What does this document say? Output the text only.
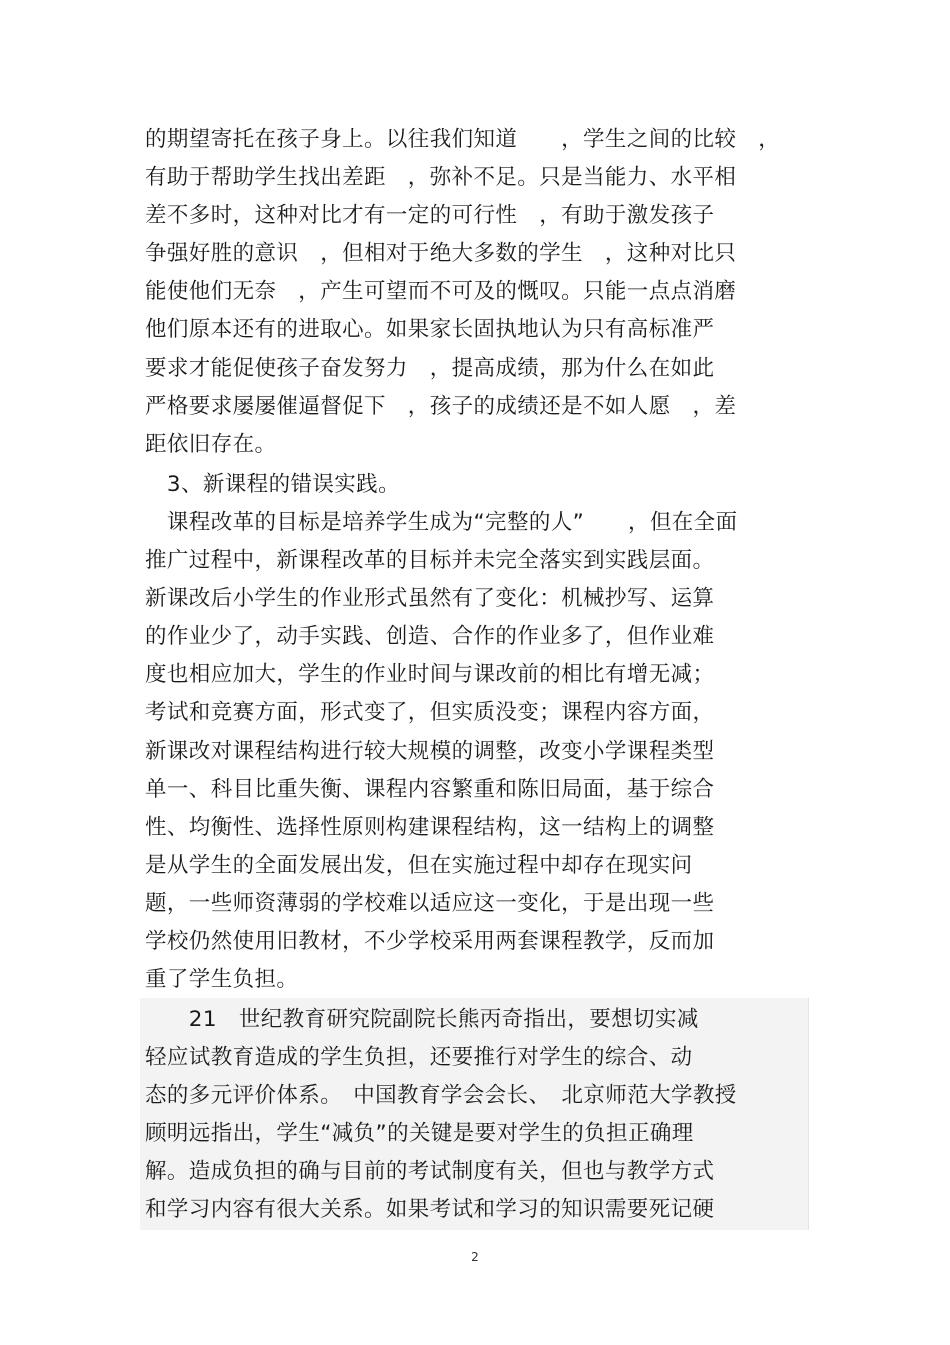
的期望寄托在孩子身上。以往我们知道　　，学生之间的比较　，
有助于帮助学生找出差距　，弥补不足。只是当能力、水平相
差不多时，这种对比才有一定的可行性　，有助于激发孩子
争强好胜的意识　，但相对于绝大多数的学生　，这种对比只
能使他们无奈　，产生可望而不可及的慨叹。只能一点点消磨
他们原本还有的进取心。如果家长固执地认为只有高标准严
要求才能促使孩子奋发努力　，提高成绩，那为什么在如此
严格要求屡屡催逼督促下　，孩子的成绩还是不如人愿　，差
距依旧存在。
　3、新课程的错误实践。
　课程改革的目标是培养学生成为“完整的人”　　，但在全面
推广过程中，新课程改革的目标并未完全落实到实践层面。
新课改后小学生的作业形式虽然有了变化：机械抄写、运算
的作业少了，动手实践、创造、合作的作业多了，但作业难
度也相应加大，学生的作业时间与课改前的相比有增无减；
考试和竞赛方面，形式变了，但实质没变；课程内容方面，
新课改对课程结构进行较大规模的调整，改变小学课程类型
单一、科目比重失衡、课程内容繁重和陈旧局面，基于综合
性、均衡性、选择性原则构建课程结构，这一结构上的调整
是从学生的全面发展出发，但在实施过程中却存在现实问
题，一些师资薄弱的学校难以适应这一变化，于是出现一些
学校仍然使用旧教材，不少学校采用两套课程教学，反而加
重了学生负担。
　　21　世纪教育研究院副院长熊丙奇指出，要想切实减
轻应试教育造成的学生负担，还要推行对学生的综合、动
态的多元评价体系。　中国教育学会会长、　北京师范大学教授
顾明远指出，学生“减负”的关键是要对学生的负担正确理
解。造成负担的确与目前的考试制度有关，但也与教学方式
和学习内容有很大关系。如果考试和学习的知识需要死记硬
2
